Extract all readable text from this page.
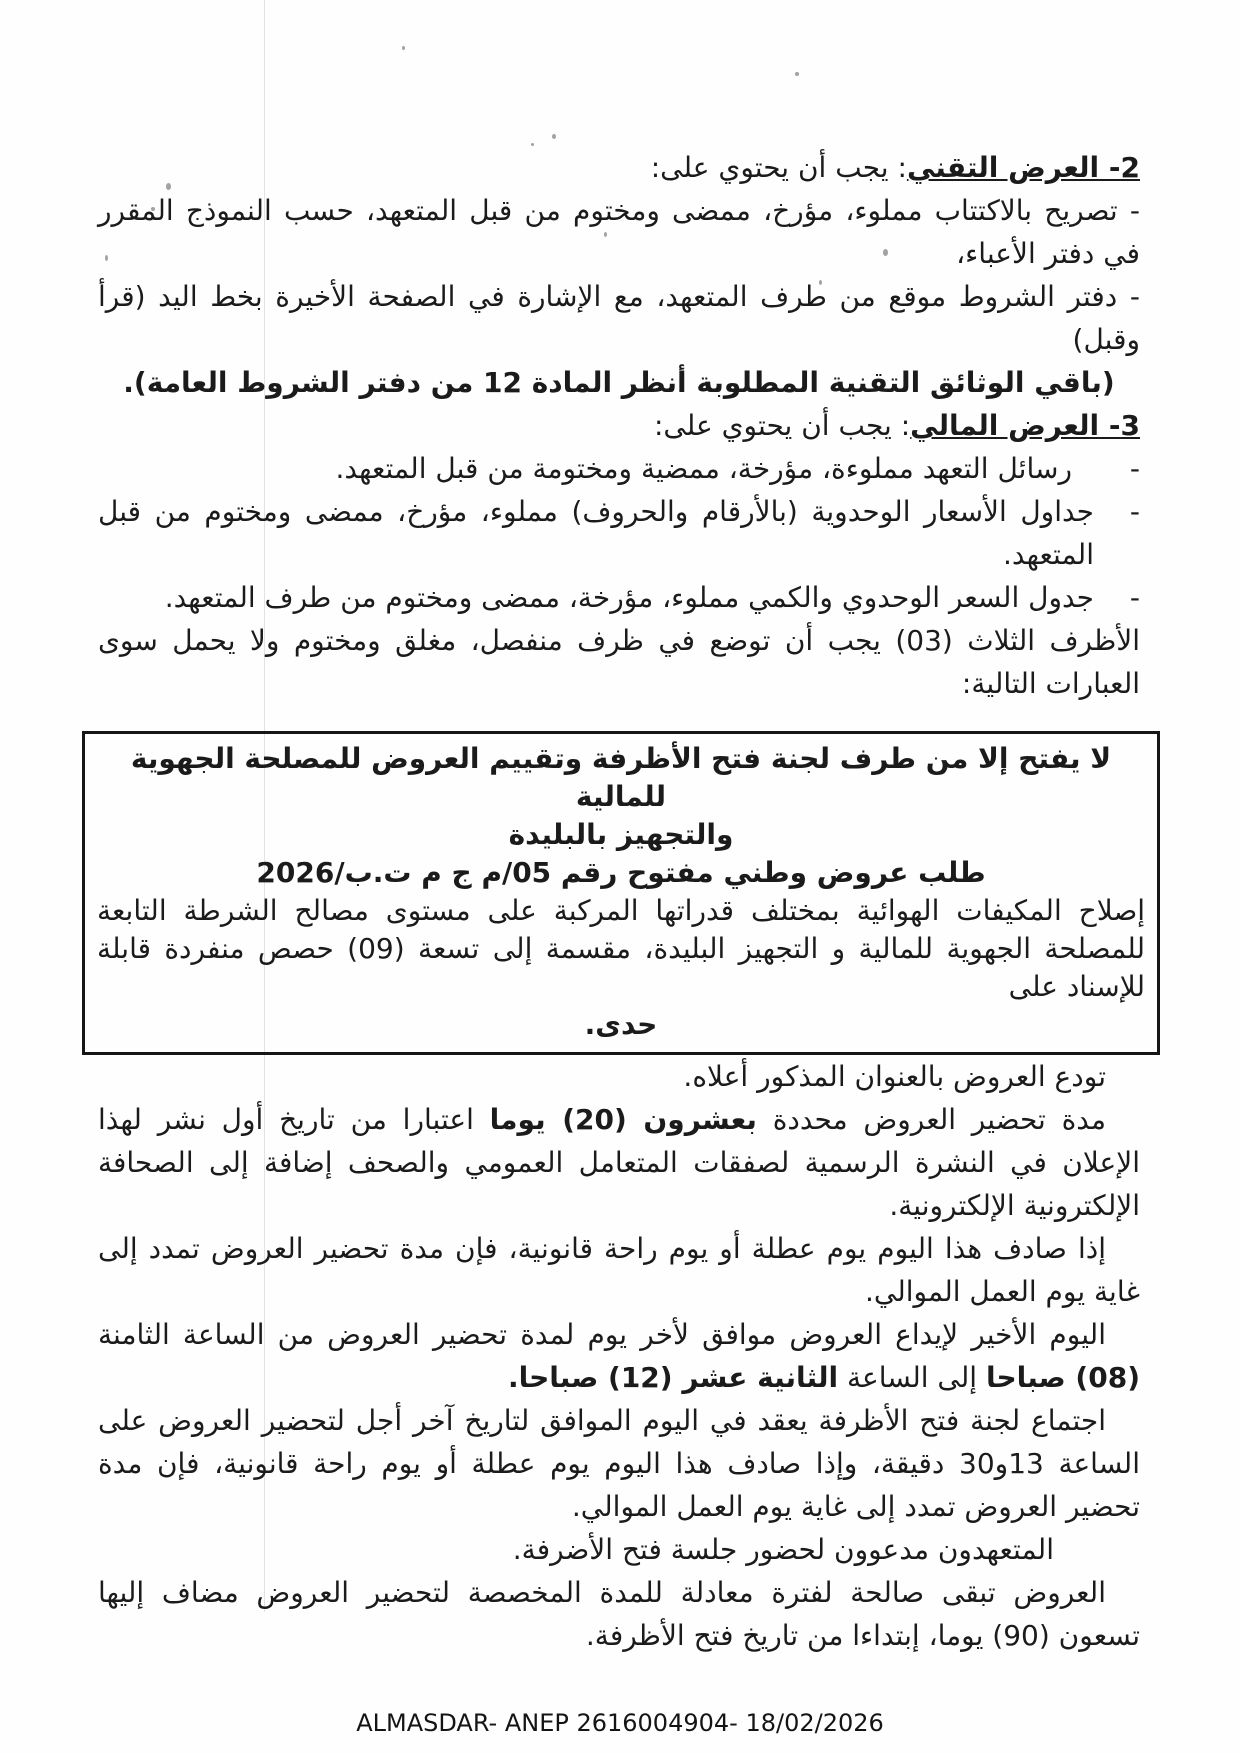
2- العرض التقني: يجب أن يحتوي على:

- تصريح بالاكتتاب مملوء، مؤرخ، ممضى ومختوم من قبل المتعهد، حسب النموذج المقرر في دفتر الأعباء،

- دفتر الشروط موقع من طرف المتعهد، مع الإشارة في الصفحة الأخيرة بخط اليد (قرأ وقبل)

(باقي الوثائق التقنية المطلوبة أنظر المادة 12 من دفتر الشروط العامة).

3- العرض المالي: يجب أن يحتوي على:

-
رسائل التعهد مملوءة، مؤرخة، ممضية ومختومة من قبل المتعهد.
-
جداول الأسعار الوحدوية (بالأرقام والحروف) مملوء، مؤرخ، ممضى ومختوم من قبل المتعهد.
-
جدول السعر الوحدوي والكمي مملوء، مؤرخة، ممضى ومختوم من طرف المتعهد.

الأظرف الثلاث (03) يجب أن توضع في ظرف منفصل، مغلق ومختوم ولا يحمل سوى العبارات التالية:

لا يفتح إلا من طرف لجنة فتح الأظرفة وتقييم العروض للمصلحة الجهوية للمالية

والتجهيز بالبليدة

طلب عروض وطني مفتوح رقم 05/م ج م ت.ب/2026

إصلاح المكيفات الهوائية بمختلف قدراتها المركبة على مستوى مصالح الشرطة التابعة للمصلحة الجهوية للمالية و التجهيز البليدة، مقسمة إلى تسعة (09) حصص منفردة قابلة للإسناد على

حدى.

تودع العروض بالعنوان المذكور أعلاه.

مدة تحضير العروض محددة بعشرون (20) يوما اعتبارا من تاريخ أول نشر لهذا الإعلان في النشرة الرسمية لصفقات المتعامل العمومي والصحف إضافة إلى الصحافة الإلكترونية الإلكترونية.

إذا صادف هذا اليوم يوم عطلة أو يوم راحة قانونية، فإن مدة تحضير العروض تمدد إلى غاية يوم العمل الموالي.

اليوم الأخير لإيداع العروض موافق لأخر يوم لمدة تحضير العروض من الساعة الثامنة (08) صباحا إلى الساعة الثانية عشر (12) صباحا.

اجتماع لجنة فتح الأظرفة يعقد في اليوم الموافق لتاريخ آخر أجل لتحضير العروض على الساعة 13و30 دقيقة، وإذا صادف هذا اليوم يوم عطلة أو يوم راحة قانونية، فإن مدة تحضير العروض تمدد إلى غاية يوم العمل الموالي.

المتعهدون مدعوون لحضور جلسة فتح الأضرفة.

العروض تبقى صالحة لفترة معادلة للمدة المخصصة لتحضير العروض مضاف إليها تسعون (90) يوما، إبتداءا من تاريخ فتح الأظرفة.

ALMASDAR- ANEP 2616004904- 18/02/2026
